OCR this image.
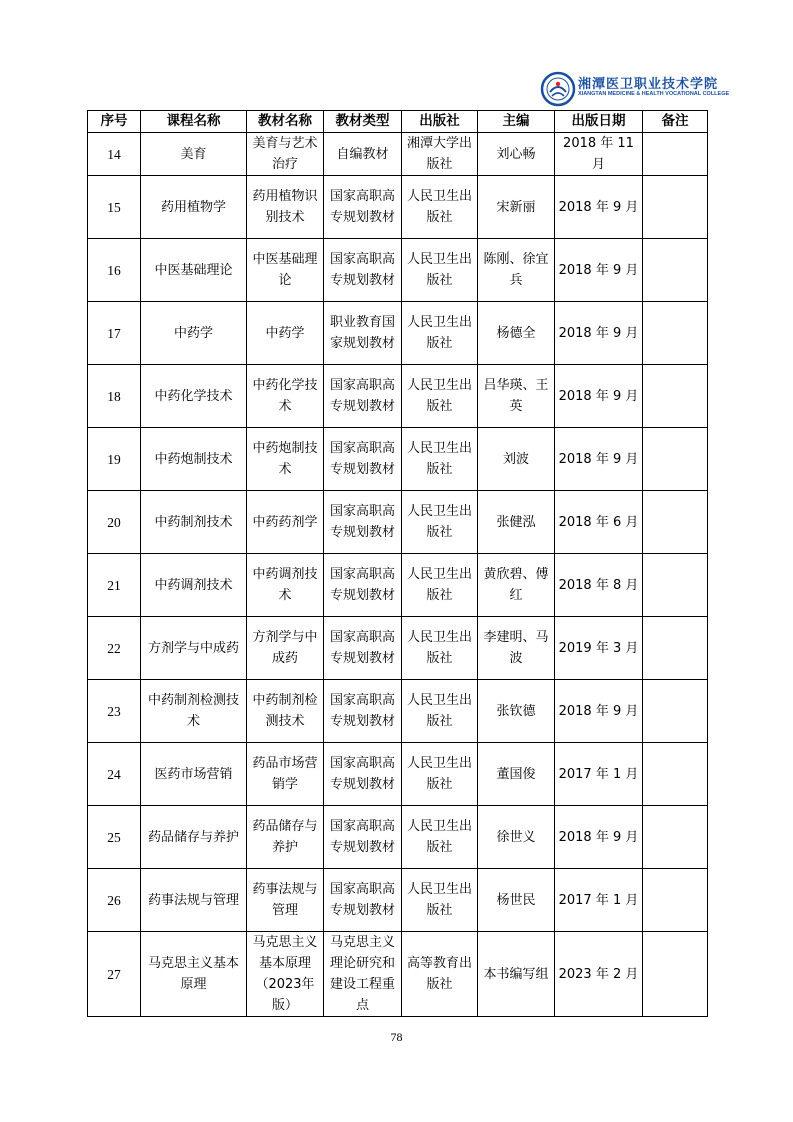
湘潭医卫职业技术学院
XIANGTAN MEDICINE & HEALTH VOCATIONAL COLLEGE
序号	课程名称	教材名称	教材类型	出版社	主编	出版日期	备注
14	美育	美育与艺术治疗	自编教材	湘潭大学出版社	刘心畅	2018 年 11 月	
15	药用植物学	药用植物识别技术	国家高职高专规划教材	人民卫生出版社	宋新丽	2018 年 9 月	
16	中医基础理论	中医基础理论	国家高职高专规划教材	人民卫生出版社	陈刚、徐宜兵	2018 年 9 月	
17	中药学	中药学	职业教育国家规划教材	人民卫生出版社	杨德全	2018 年 9 月	
18	中药化学技术	中药化学技术	国家高职高专规划教材	人民卫生出版社	吕华瑛、王英	2018 年 9 月	
19	中药炮制技术	中药炮制技术	国家高职高专规划教材	人民卫生出版社	刘波	2018 年 9 月	
20	中药制剂技术	中药药剂学	国家高职高专规划教材	人民卫生出版社	张健泓	2018 年 6 月	
21	中药调剂技术	中药调剂技术	国家高职高专规划教材	人民卫生出版社	黄欣碧、傅红	2018 年 8 月	
22	方剂学与中成药	方剂学与中成药	国家高职高专规划教材	人民卫生出版社	李建明、马波	2019 年 3 月	
23	中药制剂检测技术	中药制剂检测技术	国家高职高专规划教材	人民卫生出版社	张钦德	2018 年 9 月	
24	医药市场营销	药品市场营销学	国家高职高专规划教材	人民卫生出版社	董国俊	2017 年 1 月	
25	药品储存与养护	药品储存与养护	国家高职高专规划教材	人民卫生出版社	徐世义	2018 年 9 月	
26	药事法规与管理	药事法规与管理	国家高职高专规划教材	人民卫生出版社	杨世民	2017 年 1 月	
27	马克思主义基本原理	马克思主义基本原理（2023年版）	马克思主义理论研究和建设工程重点	高等教育出版社	本书编写组	2023 年 2 月	
78
